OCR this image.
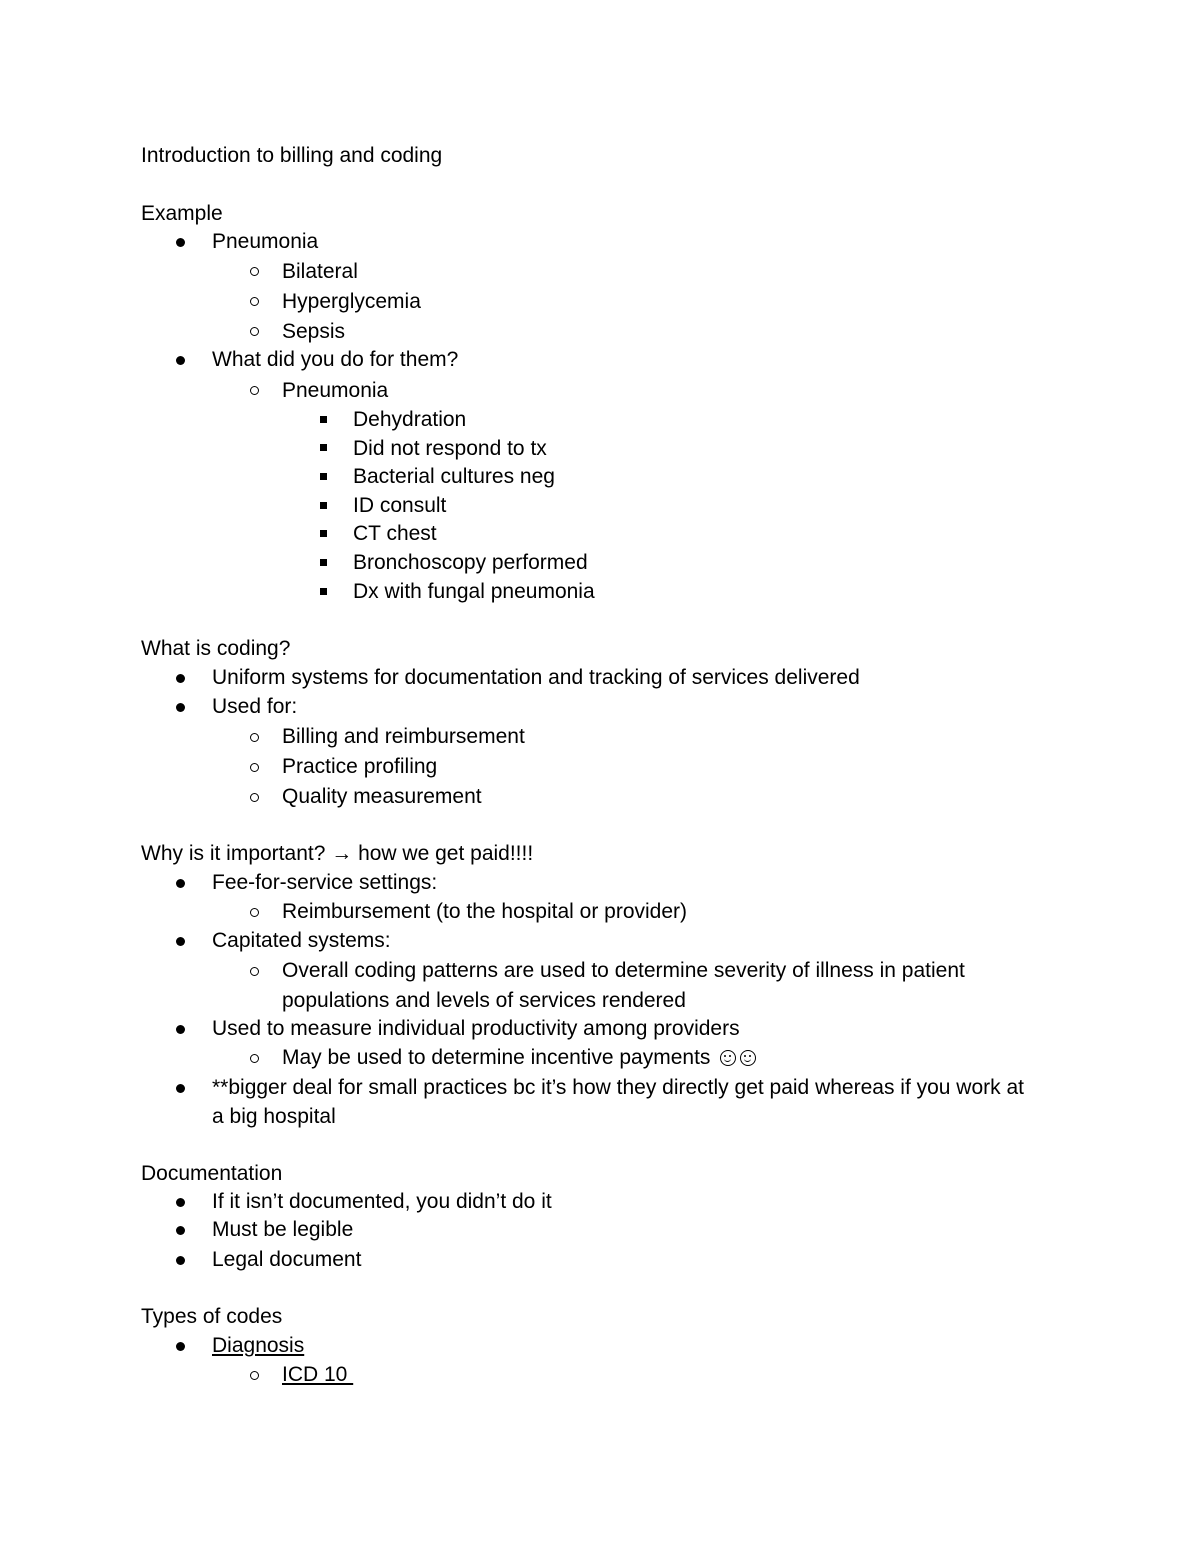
Introduction to billing and coding
Example
Pneumonia
Bilateral
Hyperglycemia
Sepsis
What did you do for them?
Pneumonia
Dehydration
Did not respond to tx
Bacterial cultures neg
ID consult
CT chest
Bronchoscopy performed
Dx with fungal pneumonia
What is coding?
Uniform systems for documentation and tracking of services delivered
Used for:
Billing and reimbursement
Practice profiling
Quality measurement
Why is it important? → how we get paid!!!!
Fee-for-service settings:
Reimbursement (to the hospital or provider)
Capitated systems:
Overall coding patterns are used to determine severity of illness in patient
populations and levels of services rendered
Used to measure individual productivity among providers
May be used to determine incentive payments
**bigger deal for small practices bc it’s how they directly get paid whereas if you work at
a big hospital
Documentation
If it isn’t documented, you didn’t do it
Must be legible
Legal document
Types of codes
Diagnosis
ICD 10
